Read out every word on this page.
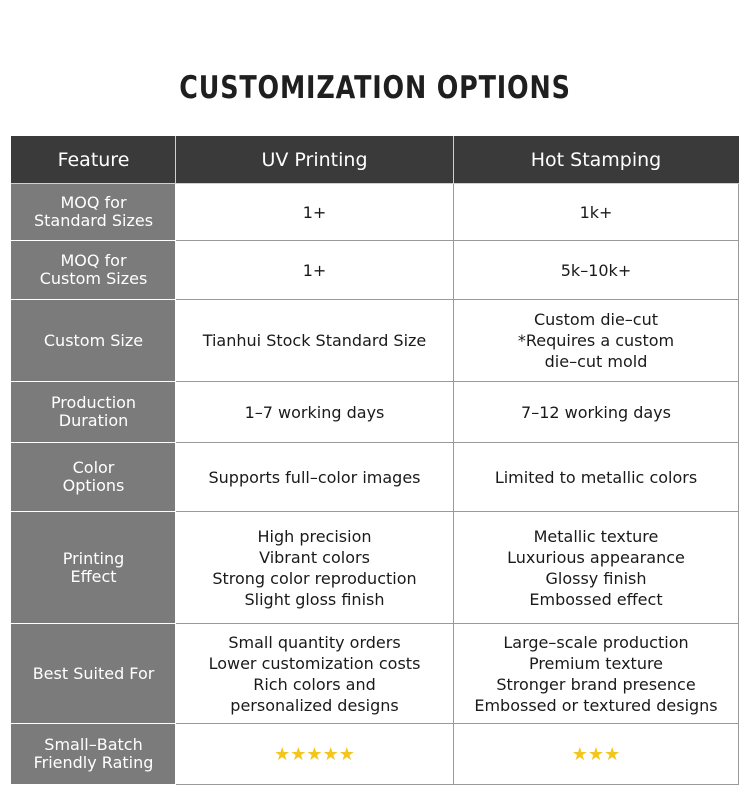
CUSTOMIZATION OPTIONS
Feature	UV Printing	Hot Stamping

MOQ for
Standard Sizes	1+	1k+

MOQ for
Custom Sizes	1+	5k–10k+

Custom Size	Tianhui Stock Standard Size	Custom die–cut
*Requires a custom
die–cut mold

Production
Duration	1–7 working days	7–12 working days

Color
Options	Supports full–color images	Limited to metallic colors

Printing
Effect	High precision
Vibrant colors
Strong color reproduction
Slight gloss finish	Metallic texture
Luxurious appearance
Glossy finish
Embossed effect

Best Suited For	Small quantity orders
Lower customization costs
Rich colors and
personalized designs	Large–scale production
Premium texture
Stronger brand presence
Embossed or textured designs

Small–Batch
Friendly Rating	★★★★★	★★★
